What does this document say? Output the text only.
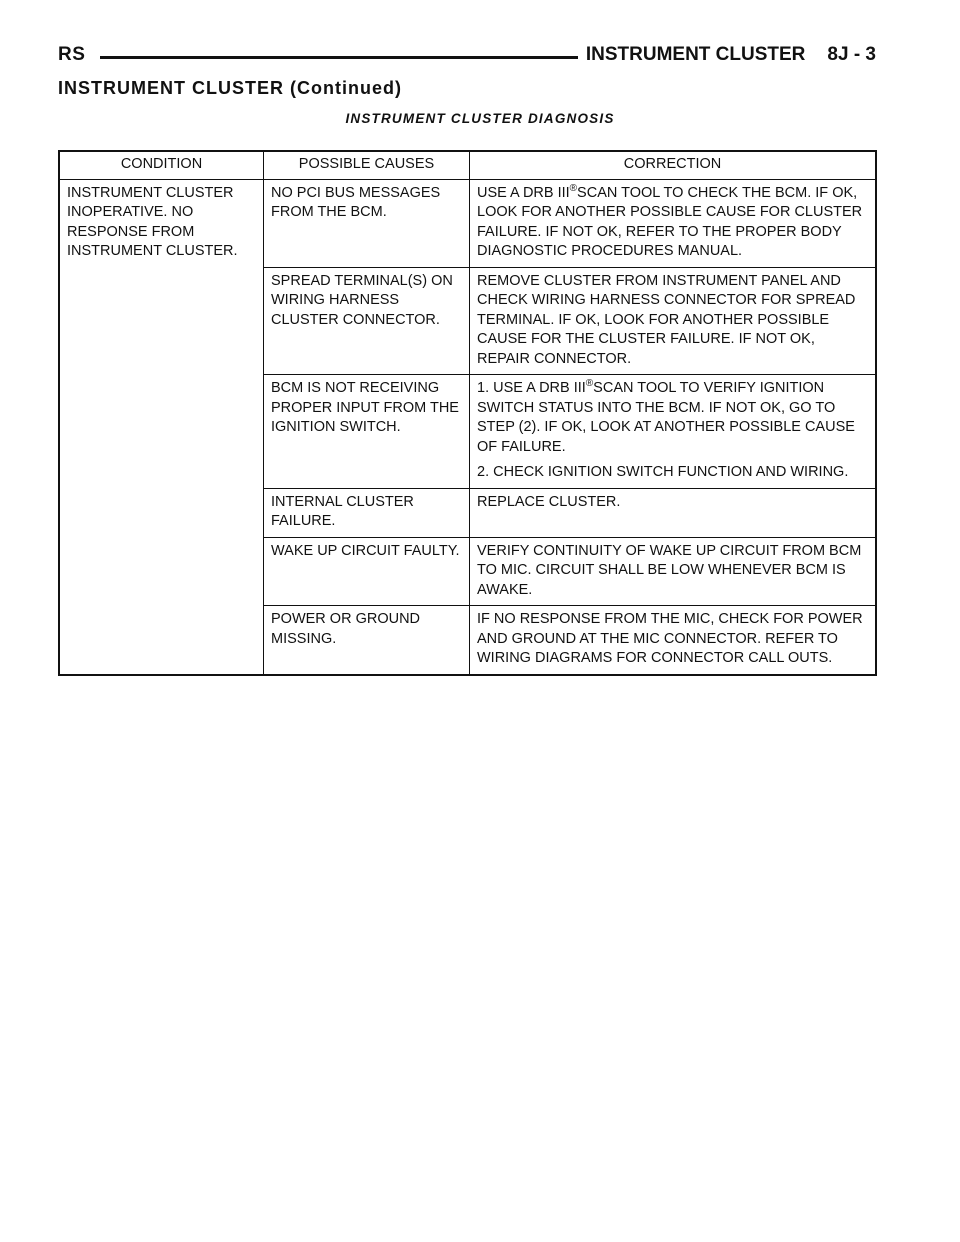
RS	INSTRUMENT CLUSTER 8J - 3
INSTRUMENT CLUSTER (Continued)
INSTRUMENT CLUSTER DIAGNOSIS
CONDITION	POSSIBLE CAUSES	CORRECTION
INSTRUMENT CLUSTER INOPERATIVE. NO RESPONSE FROM INSTRUMENT CLUSTER.	NO PCI BUS MESSAGES FROM THE BCM.	USE A DRB III®SCAN TOOL TO CHECK THE BCM. IF OK, LOOK FOR ANOTHER POSSIBLE CAUSE FOR CLUSTER FAILURE. IF NOT OK, REFER TO THE PROPER BODY DIAGNOSTIC PROCEDURES MANUAL.

	SPREAD TERMINAL(S) ON WIRING HARNESS CLUSTER CONNECTOR.	REMOVE CLUSTER FROM INSTRUMENT PANEL AND CHECK WIRING HARNESS CONNECTOR FOR SPREAD TERMINAL. IF OK, LOOK FOR ANOTHER POSSIBLE CAUSE FOR THE CLUSTER FAILURE. IF NOT OK, REPAIR CONNECTOR.

	BCM IS NOT RECEIVING PROPER INPUT FROM THE IGNITION SWITCH.	1. USE A DRB III®SCAN TOOL TO VERIFY IGNITION SWITCH STATUS INTO THE BCM. IF NOT OK, GO TO STEP (2). IF OK, LOOK AT ANOTHER POSSIBLE CAUSE OF FAILURE.
2. CHECK IGNITION SWITCH FUNCTION AND WIRING.

	INTERNAL CLUSTER FAILURE.	REPLACE CLUSTER.

	WAKE UP CIRCUIT FAULTY.	VERIFY CONTINUITY OF WAKE UP CIRCUIT FROM BCM TO MIC. CIRCUIT SHALL BE LOW WHENEVER BCM IS AWAKE.

	POWER OR GROUND MISSING.	IF NO RESPONSE FROM THE MIC, CHECK FOR POWER AND GROUND AT THE MIC CONNECTOR. REFER TO WIRING DIAGRAMS FOR CONNECTOR CALL OUTS.
